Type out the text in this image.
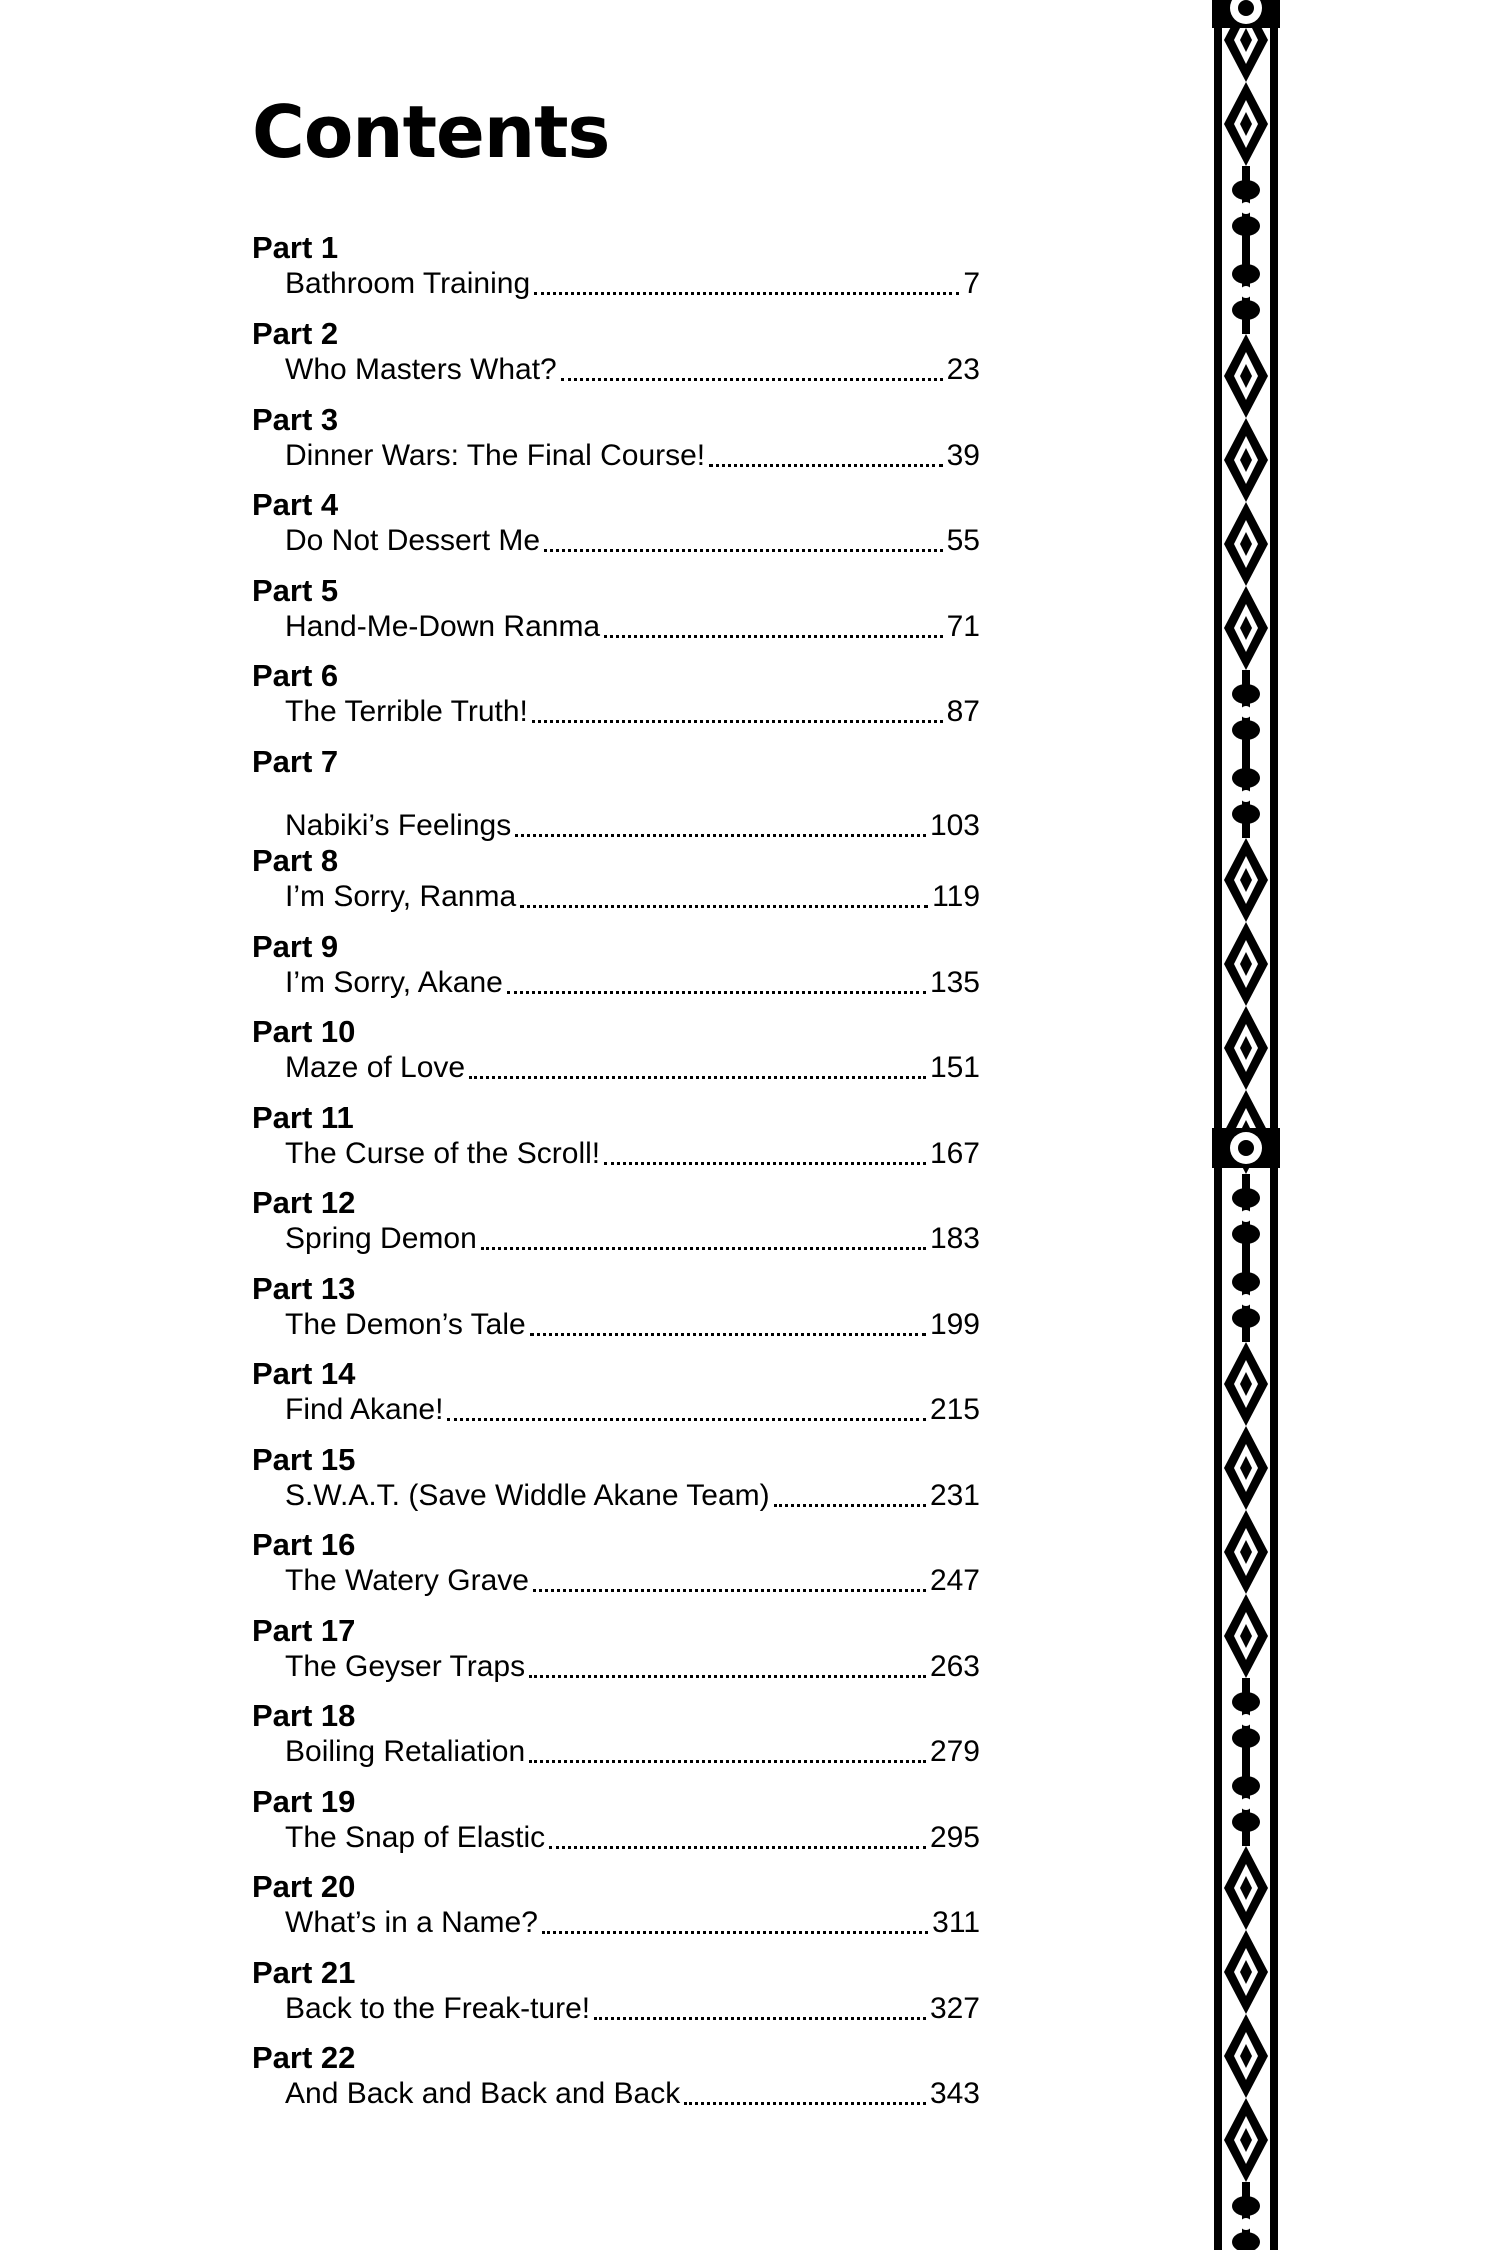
Contents
Part 1
Bathroom Training	7
Part 2
Who Masters What?	23
Part 3
Dinner Wars: The Final Course!	39
Part 4
Do Not Dessert Me	55
Part 5
Hand-Me-Down Ranma	71
Part 6
The Terrible Truth!	87
Part 7
Nabiki’s Feelings	103
Part 8
I’m Sorry, Ranma	119
Part 9
I’m Sorry, Akane	135
Part 10
Maze of Love	151
Part 11
The Curse of the Scroll!	167
Part 12
Spring Demon	183
Part 13
The Demon’s Tale	199
Part 14
Find Akane!	215
Part 15
S.W.A.T. (Save Widdle Akane Team)	231
Part 16
The Watery Grave	247
Part 17
The Geyser Traps	263
Part 18
Boiling Retaliation	279
Part 19
The Snap of Elastic	295
Part 20
What’s in a Name?	311
Part 21
Back to the Freak-ture!	327
Part 22
And Back and Back and Back	343
